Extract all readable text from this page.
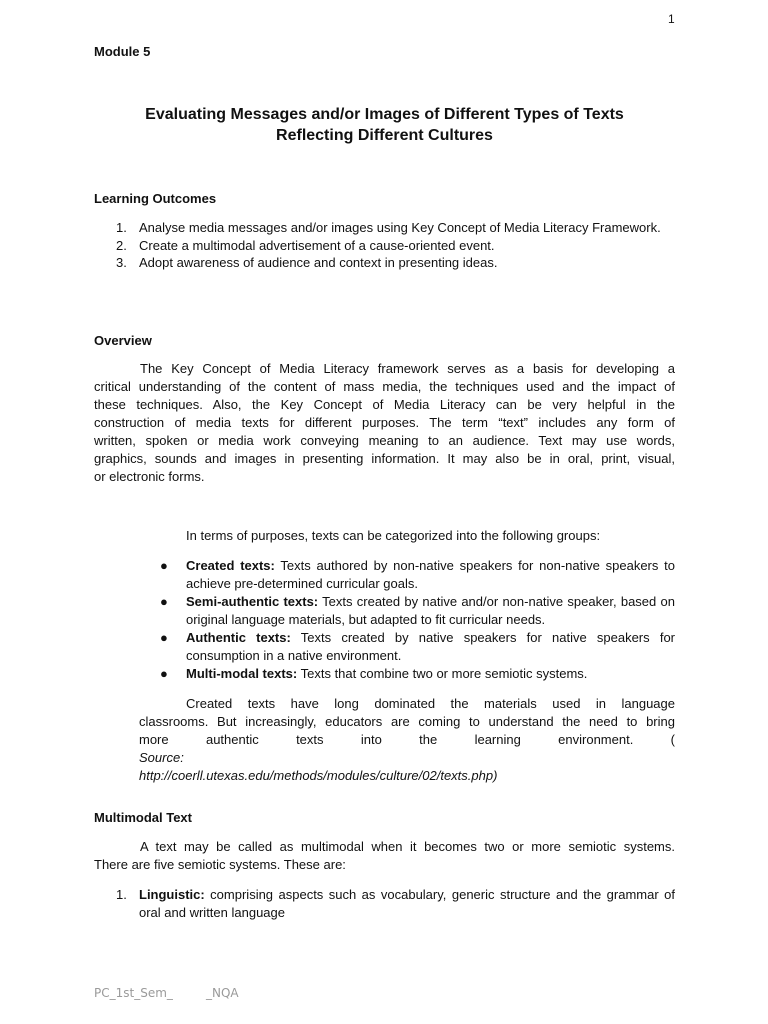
1
Module 5
Evaluating Messages and/or Images of Different Types of Texts
Reflecting Different Cultures
Learning Outcomes
1. Analyse media messages and/or images using Key Concept of Media Literacy Framework.
2. Create a multimodal advertisement of a cause-oriented event.
3. Adopt awareness of audience and context in presenting ideas.
Overview
The Key Concept of Media Literacy framework serves as a basis for developing a
critical understanding of the content of mass media, the techniques used and the impact of
these techniques. Also, the Key Concept of Media Literacy can be very helpful in the
construction of media texts for different purposes. The term “text” includes any form of
written, spoken or media work conveying meaning to an audience. Text may use words,
graphics, sounds and images in presenting information. It may also be in oral, print, visual,
or electronic forms.
In terms of purposes, texts can be categorized into the following groups:
● Created texts: Texts authored by non-native speakers for non-native speakers to achieve pre-determined curricular goals.
● Semi-authentic texts: Texts created by native and/or non-native speaker, based on original language materials, but adapted to fit curricular needs.
● Authentic texts: Texts created by native speakers for native speakers for consumption in a native environment.
● Multi-modal texts: Texts that combine two or more semiotic systems.
Created texts have long dominated the materials used in language
classrooms. But increasingly, educators are coming to understand the need to bring
more authentic texts into the learning environment. (
Source:
http://coerll.utexas.edu/methods/modules/culture/02/texts.php)
Multimodal Text
A text may be called as multimodal when it becomes two or more semiotic systems.
There are five semiotic systems. These are:
1. Linguistic: comprising aspects such as vocabulary, generic structure and the grammar of oral and written language
PC_1st_Sem_	_NQA
